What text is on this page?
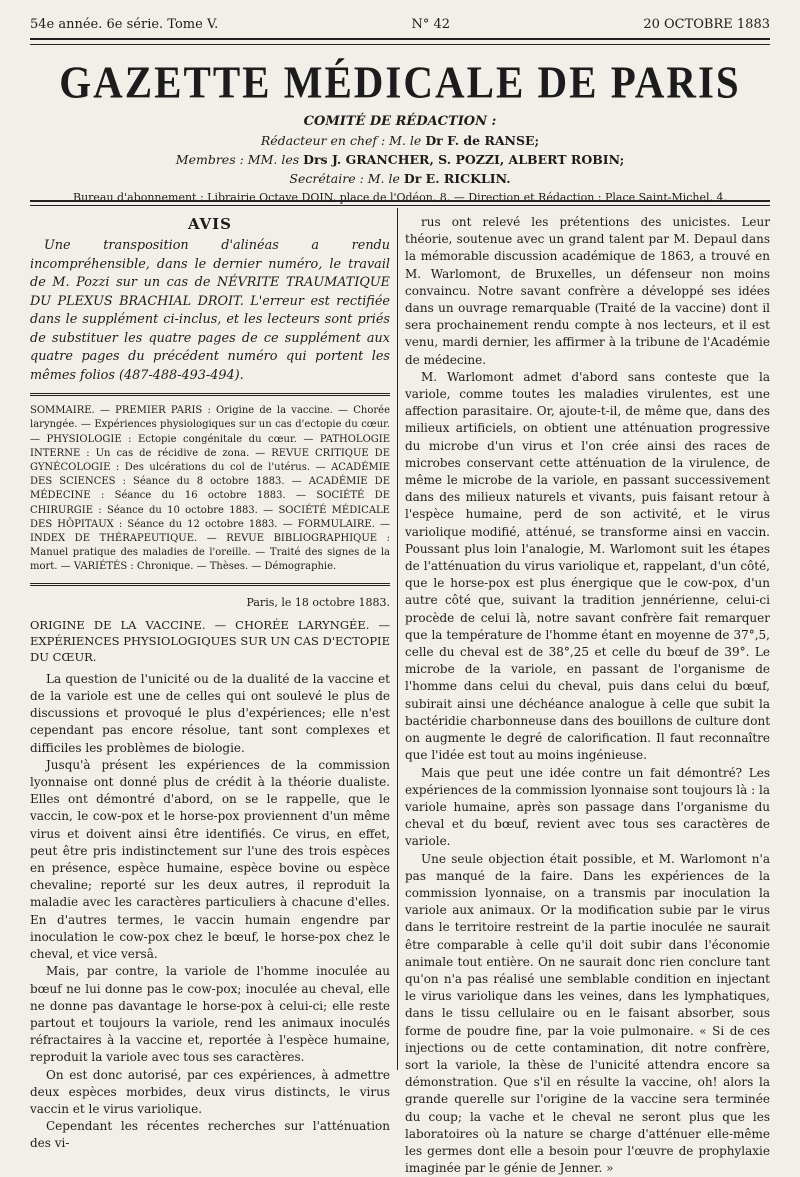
54e année. 6e série. Tome V.	N° 42	20 OCTOBRE 1883
GAZETTE MÉDICALE DE PARIS
COMITÉ DE RÉDACTION :
Rédacteur en chef : M. le Dr F. de RANSE;
Membres : MM. les Drs J. GRANCHER, S. POZZI, ALBERT ROBIN;
Secrétaire : M. le Dr E. RICKLIN.
Bureau d'abonnement : Librairie Octave DOIN, place de l'Odéon, 8. — Direction et Rédaction : Place Saint-Michel, 4.
AVIS

Une transposition d'alinéas a rendu incompréhensible, dans le dernier numéro, le travail de M. Pozzi sur un cas de NÉVRITE TRAUMATIQUE DU PLEXUS BRACHIAL DROIT. L'erreur est rectifiée dans le supplément ci-inclus, et les lecteurs sont priés de substituer les quatre pages de ce supplément aux quatre pages du précédent numéro qui portent les mêmes folios (487-488-493-494).

SOMMAIRE. — PREMIER PARIS : Origine de la vaccine. — Chorée laryngée. — Expériences physiologiques sur un cas d'ectopie du cœur. — PHYSIOLOGIE : Ectopie congénitale du cœur. — PATHOLOGIE INTERNE : Un cas de récidive de zona. — REVUE CRITIQUE DE GYNÉCOLOGIE : Des ulcérations du col de l'utérus. — ACADÉMIE DES SCIENCES : Séance du 8 octobre 1883. — ACADÉMIE DE MÉDECINE : Séance du 16 octobre 1883. — SOCIÉTÉ DE CHIRURGIE : Séance du 10 octobre 1883. — SOCIÉTÉ MÉDICALE DES HÔPITAUX : Séance du 12 octobre 1883. — FORMULAIRE. — INDEX DE THÉRAPEUTIQUE. — REVUE BIBLIOGRAPHIQUE : Manuel pratique des maladies de l'oreille. — Traité des signes de la mort. — VARIÉTÉS : Chronique. — Thèses. — Démographie.

Paris, le 18 octobre 1883.

ORIGINE DE LA VACCINE. — CHORÉE LARYNGÉE. — EXPÉRIENCES PHYSIOLOGIQUES SUR UN CAS D'ECTOPIE DU CŒUR.

La question de l'unicité ou de la dualité de la vaccine et de la variole est une de celles qui ont soulevé le plus de discussions et provoqué le plus d'expériences; elle n'est cependant pas encore résolue, tant sont complexes et difficiles les problèmes de biologie.

Jusqu'à présent les expériences de la commission lyonnaise ont donné plus de crédit à la théorie dualiste. Elles ont démontré d'abord, on se le rappelle, que le vaccin, le cow-pox et le horse-pox proviennent d'un même virus et doivent ainsi être identifiés. Ce virus, en effet, peut être pris indistinctement sur l'une des trois espèces en présence, espèce humaine, espèce bovine ou espèce chevaline; reporté sur les deux autres, il reproduit la maladie avec les caractères particuliers à chacune d'elles. En d'autres termes, le vaccin humain engendre par inoculation le cow-pox chez le bœuf, le horse-pox chez le cheval, et vice versâ.

Mais, par contre, la variole de l'homme inoculée au bœuf ne lui donne pas le cow-pox; inoculée au cheval, elle ne donne pas davantage le horse-pox à celui-ci; elle reste partout et toujours la variole, rend les animaux inoculés réfractaires à la vaccine et, reportée à l'espèce humaine, reproduit la variole avec tous ses caractères.

On est donc autorisé, par ces expériences, à admettre deux espèces morbides, deux virus distincts, le virus vaccin et le virus variolique.

Cependant les récentes recherches sur l'atténuation des vi-

rus ont relevé les prétentions des unicistes. Leur théorie, soutenue avec un grand talent par M. Depaul dans la mémorable discussion académique de 1863, a trouvé en M. Warlomont, de Bruxelles, un défenseur non moins convaincu. Notre savant confrère a développé ses idées dans un ouvrage remarquable (Traité de la vaccine) dont il sera prochainement rendu compte à nos lecteurs, et il est venu, mardi dernier, les affirmer à la tribune de l'Académie de médecine.

M. Warlomont admet d'abord sans conteste que la variole, comme toutes les maladies virulentes, est une affection parasitaire. Or, ajoute-t-il, de même que, dans des milieux artificiels, on obtient une atténuation progressive du microbe d'un virus et l'on crée ainsi des races de microbes conservant cette atténuation de la virulence, de même le microbe de la variole, en passant successivement dans des milieux naturels et vivants, puis faisant retour à l'espèce humaine, perd de son activité, et le virus variolique modifié, atténué, se transforme ainsi en vaccin. Poussant plus loin l'analogie, M. Warlomont suit les étapes de l'atténuation du virus variolique et, rappelant, d'un côté, que le horse-pox est plus énergique que le cow-pox, d'un autre côté que, suivant la tradition jennérienne, celui-ci procède de celui là, notre savant confrère fait remarquer que la température de l'homme étant en moyenne de 37°,5, celle du cheval est de 38°,25 et celle du bœuf de 39°. Le microbe de la variole, en passant de l'organisme de l'homme dans celui du cheval, puis dans celui du bœuf, subirait ainsi une déchéance analogue à celle que subit la bactéridie charbonneuse dans des bouillons de culture dont on augmente le degré de calorification. Il faut reconnaître que l'idée est tout au moins ingénieuse.

Mais que peut une idée contre un fait démontré? Les expériences de la commission lyonnaise sont toujours là : la variole humaine, après son passage dans l'organisme du cheval et du bœuf, revient avec tous ses caractères de variole.

Une seule objection était possible, et M. Warlomont n'a pas manqué de la faire. Dans les expériences de la commission lyonnaise, on a transmis par inoculation la variole aux animaux. Or la modification subie par le virus dans le territoire restreint de la partie inoculée ne saurait être comparable à celle qu'il doit subir dans l'économie animale tout entière. On ne saurait donc rien conclure tant qu'on n'a pas réalisé une semblable condition en injectant le virus variolique dans les veines, dans les lymphatiques, dans le tissu cellulaire ou en le faisant absorber, sous forme de poudre fine, par la voie pulmonaire. « Si de ces injections ou de cette contamination, dit notre confrère, sort la variole, la thèse de l'unicité attendra encore sa démonstration. Que s'il en résulte la vaccine, oh! alors la grande querelle sur l'origine de la vaccine sera terminée du coup; la vache et le cheval ne seront plus que les laboratoires où la nature se charge d'atténuer elle-même les germes dont elle a besoin pour l'œuvre de prophylaxie imaginée par le génie de Jenner. »
